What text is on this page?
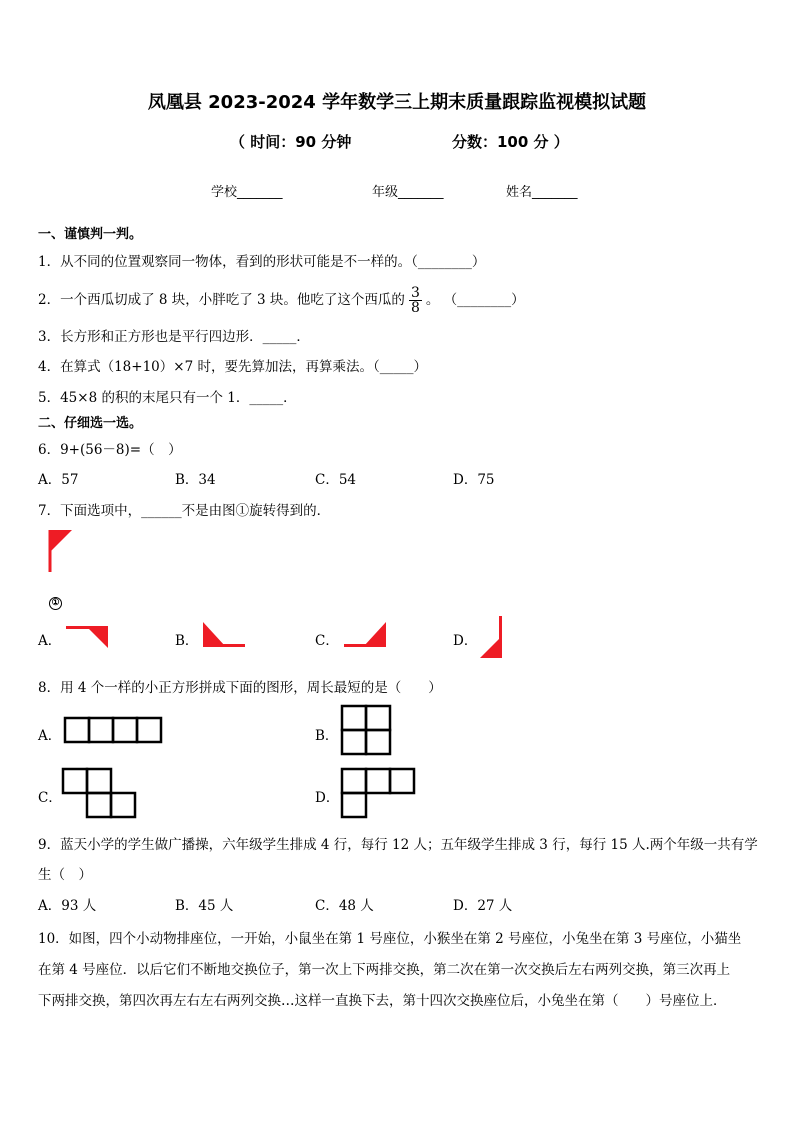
凤凰县 2023-2024 学年数学三上期末质量跟踪监视模拟试题
（ 时间：90 分钟	分数：100 分 ）
学校_______	年级_______	姓名_______
一、谨慎判一判。
1．从不同的位置观察同一物体，看到的形状可能是不一样的。（________）
2．一个西瓜切成了 8 块，小胖吃了 3 块。他吃了这个西瓜的 $\frac{3}{8}$ 。 （________）
3．长方形和正方形也是平行四边形．_____．
4．在算式（18+10）×7 时，要先算加法，再算乘法。（_____）
5．45×8 的积的末尾只有一个 1．_____．
二、仔细选一选。
6．9+(56－8)=（　）
A．57	B．34	C．54	D．75
7．下面选项中，______不是由图①旋转得到的．
①
A．	B．	C．	D．
8．用 4 个一样的小正方形拼成下面的图形，周长最短的是（　　）
A．	B．
C．	D．
9．蓝天小学的学生做广播操，六年级学生排成 4 行，每行 12 人；五年级学生排成 3 行，每行 15 人.两个年级一共有学
生（　）
A．93 人	B．45 人	C．48 人	D．27 人
10．如图，四个小动物排座位，一开始，小鼠坐在第 1 号座位，小猴坐在第 2 号座位，小兔坐在第 3 号座位，小猫坐
在第 4 号座位．以后它们不断地交换位子，第一次上下两排交换，第二次在第一次交换后左右两列交换，第三次再上
下两排交换，第四次再左右左右两列交换…这样一直换下去，第十四次交换座位后，小兔坐在第（　　）号座位上．
